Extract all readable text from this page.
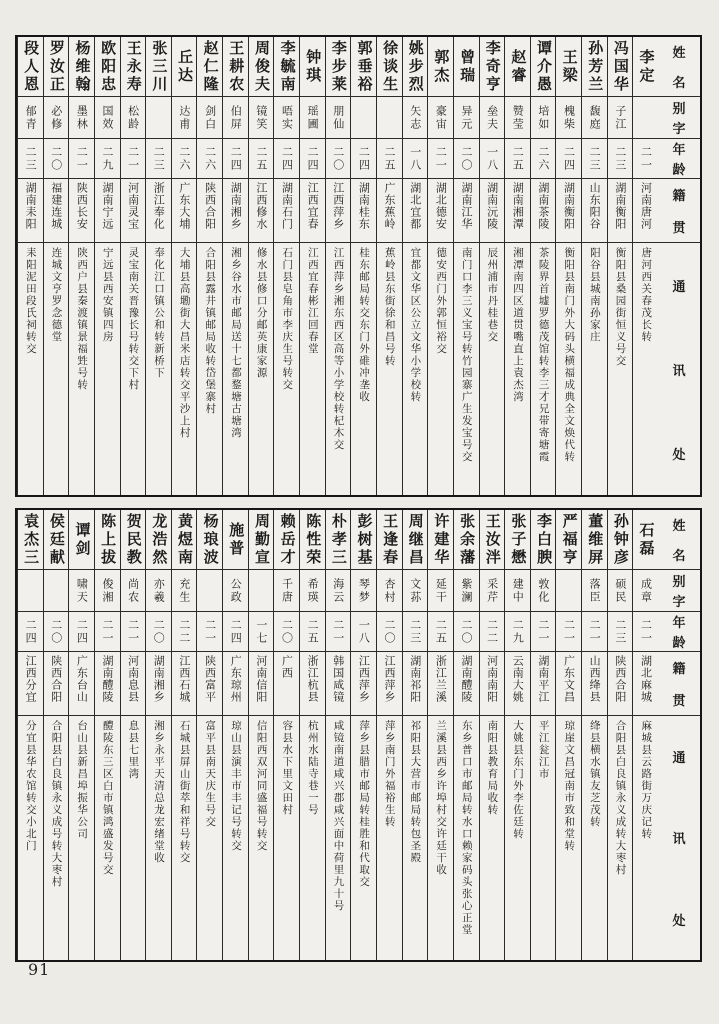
姓
名
别
字
年
龄
籍
贯
通
讯
处
李定
二一
河南唐河
唐河西关春茂长转
冯国华
子江
二三
湖南衡阳
衡阳县桑园街恒义号交
孙芳兰
馥庭
二三
山东阳谷
阳谷县城南孙家庄
王梁
槐柴
二四
湖南衡阳
衡阳县南门外大码头横福成典全文焕代转
谭介愚
培如
二六
湖南茶陵
茶陵界首墟罗德茂馆转李三才兄带寄塘霞
赵睿
赞莹
二五
湖南湘潭
湘潭南四区道贯嘴直上袁杰湾
李奇亨
垒夫
一八
湖南沅陵
辰州浦市丹桂巷交
曾瑞
异元
二〇
湖南江华
南门口李三义宝号转竹园寨广生发宝号交
郭杰
豪宙
二一
湖北德安
德安西门外郭恒裕交
姚步烈
矢志
一八
湖北宜都
宜都文华区公立文华小学校转
徐谈生
二五
广东蕉岭
蕉岭县东街徐和昌号转
郭垂裕
二四
湖南桂东
桂东邮局转交东门外碓冲垄收
李步莱
朋仙
二〇
江西萍乡
江西萍乡湘东西区高等小学校转杞木交
钟琪
瑶圃
二四
江西宜春
江西宜春彬江回春堂
李毓南
唔实
二四
湖南石门
石门县皂角市李庆生号转交
周俊夫
镜笑
二五
江西修水
修水县修口分邮英康家源
王耕农
伯屏
二四
湖南湘乡
湘乡谷水市邮局送十七都鍪塘古塘湾
赵仁隆
剑白
二六
陕西合阳
合阳县露井镇邮局收转岱堡寨村
丘达
达甫
二六
广东大埔
大埔县高墈街大昌米店转交平沙上村
张三川
二三
浙江奉化
奉化江口镇公和转新桥下
王永寿
松龄
二一
河南灵宝
灵宝南关晋豫长号转交下村
欧阳忠
国效
二九
湖南宁远
宁远县西安镇四房
杨维翰
墨林
二一
陕西长安
陕西户县秦渡镇景福甡号转
罗汝正
必修
二〇
福建连城
连城文亨罗念德堂
段人恩
郁青
二三
湖南耒阳
耒阳泥田段氏祠转交
姓
名
别
字
年
龄
籍
贯
通
讯
处
石磊
成章
二一
湖北麻城
麻城县云路街万庆记转
孙钟彦
硕民
二三
陕西合阳
合阳县白良镇永义成转大枣村
董维屏
落臣
二一
山西绛县
绛县横水镇友芝茂转
严福亨
二一
广东文昌
琼崖文昌冠南市致和堂转
李白腴
敦化
二一
湖南平江
平江瓮江市
张子懋
建中
二九
云南大姚
大姚县东门外李佐廷转
王汝泮
采芹
二二
河南南阳
南阳县教育局收转
张余藩
紫澜
二〇
湖南醴陵
东乡普口市邮局转水口赖家码头张心正堂
许建华
延干
二五
浙江兰溪
兰溪县西乡许埠村交许廷干收
周继昌
文荪
二三
湖南祁阳
祁阳县大营市邮局转包圣殿
王逢春
杏村
二〇
江西萍乡
萍乡南门外福裕生转
彭树基
琴梦
一八
江西萍乡
萍乡县腊市邮局转桂胜和代取交
朴孝三
海云
二一
韩国咸镜
咸镜南道咸兴郡咸兴面中荷里九十号
陈性荣
希瑛
二五
浙江杭县
杭州水陆寺巷一号
赖岳才
千唐
二〇
广西
容县水下里文田村
周勤宣
一七
河南信阳
信阳西双河同盛福号转交
施普
公政
二四
广东琼州
琼山县演丰市丰记号转交
杨琅波
二一
陕西富平
富平县南天庆生号交
黄煜南
充生
二二
江西石城
石城县屏山街萃和祥号转交
龙浩然
亦羲
二〇
湖南湘乡
湘乡永平天清总龙宏绪堂收
贺民教
尚农
二一
河南息县
息县七里湾
陈上拔
俊湘
二一
湖南醴陵
醴陵东三区白市镇鸿盛发号交
谭剑
啸天
二四
广东台山
台山县新昌埠振华公司
侯廷献
二〇
陕西合阳
合阳县白良镇永义成号转大枣村
袁杰三
二四
江西分宜
分宜县华农馆转交小北门
91
